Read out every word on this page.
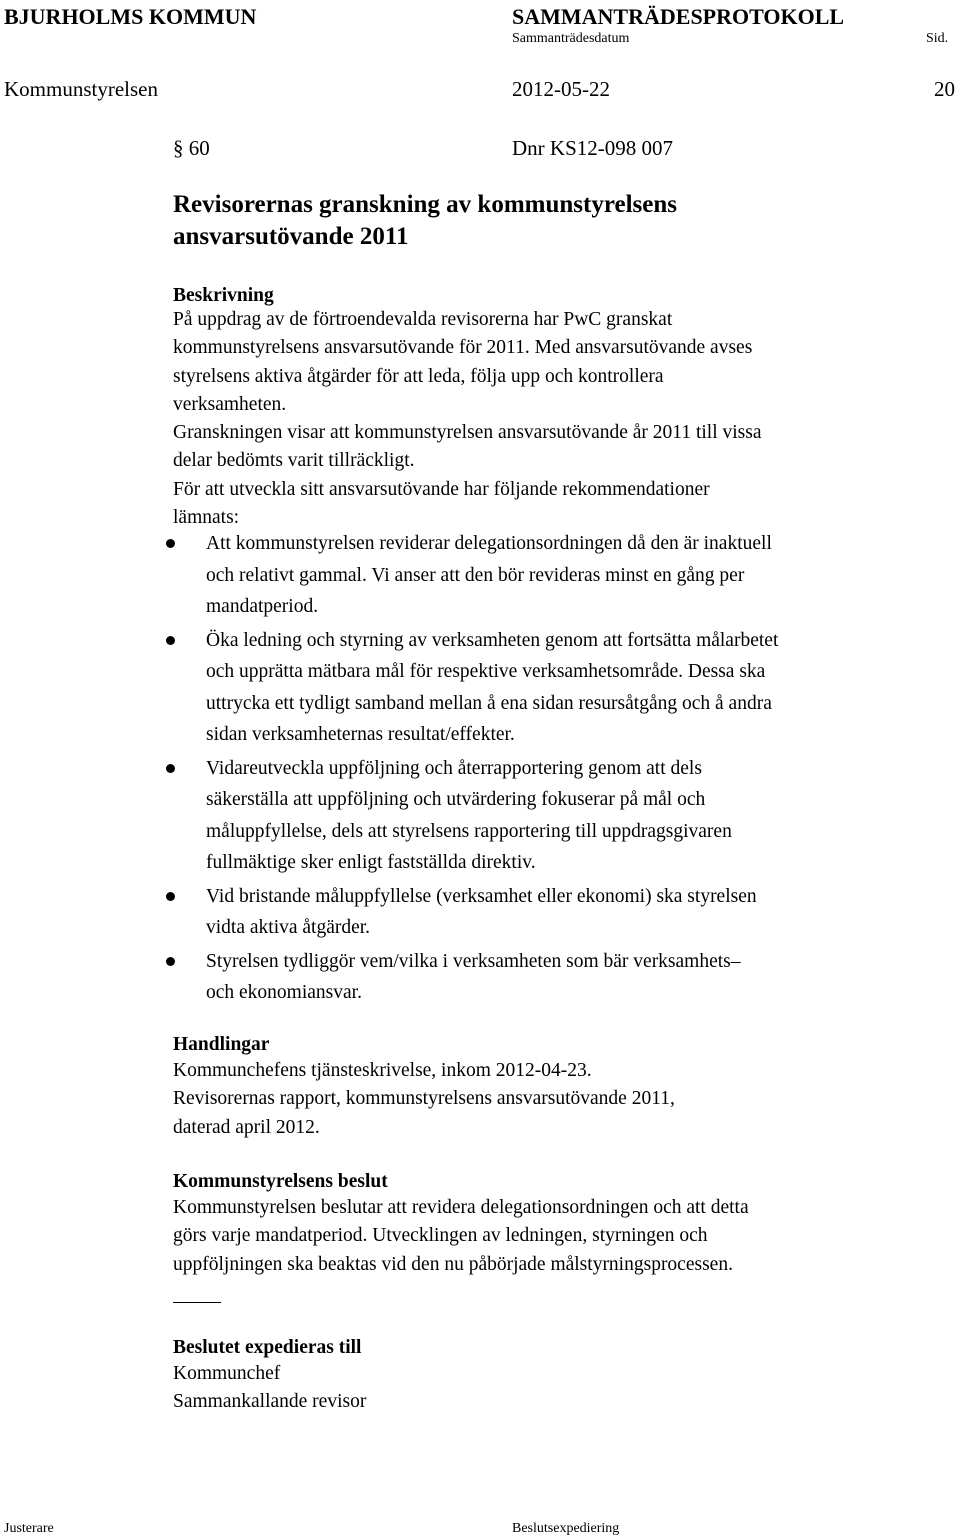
BJURHOLMS KOMMUN	SAMMANTRÄDESPROTOKOLL
Sammanträdesdatum	Sid.
Kommunstyrelsen	2012-05-22	20
§ 60	Dnr KS12-098 007
Revisorernas granskning av kommunstyrelsens
ansvarsutövande 2011
Beskrivning
På uppdrag av de förtroendevalda revisorerna har PwC granskat
kommunstyrelsens ansvarsutövande för 2011. Med ansvarsutövande avses
styrelsens aktiva åtgärder för att leda, följa upp och kontrollera
verksamheten.
Granskningen visar att kommunstyrelsen ansvarsutövande år 2011 till vissa
delar bedömts varit tillräckligt.
För att utveckla sitt ansvarsutövande har följande rekommendationer
lämnats:
Att kommunstyrelsen reviderar delegationsordningen då den är inaktuell
och relativt gammal. Vi anser att den bör revideras minst en gång per
mandatperiod.
Öka ledning och styrning av verksamheten genom att fortsätta målarbetet
och upprätta mätbara mål för respektive verksamhetsområde. Dessa ska
uttrycka ett tydligt samband mellan å ena sidan resursåtgång och å andra
sidan verksamheternas resultat/effekter.
Vidareutveckla uppföljning och återrapportering genom att dels
säkerställa att uppföljning och utvärdering fokuserar på mål och
måluppfyllelse, dels att styrelsens rapportering till uppdragsgivaren
fullmäktige sker enligt fastställda direktiv.
Vid bristande måluppfyllelse (verksamhet eller ekonomi) ska styrelsen
vidta aktiva åtgärder.
Styrelsen tydliggör vem/vilka i verksamheten som bär verksamhets–
och ekonomiansvar.
Handlingar
Kommunchefens tjänsteskrivelse, inkom 2012-04-23.
Revisorernas rapport, kommunstyrelsens ansvarsutövande 2011,
daterad april 2012.
Kommunstyrelsens beslut
Kommunstyrelsen beslutar att revidera delegationsordningen och att detta
görs varje mandatperiod. Utvecklingen av ledningen, styrningen och
uppföljningen ska beaktas vid den nu påbörjade målstyrningsprocessen.
Beslutet expedieras till
Kommunchef
Sammankallande revisor
Justerare	Beslutsexpediering
